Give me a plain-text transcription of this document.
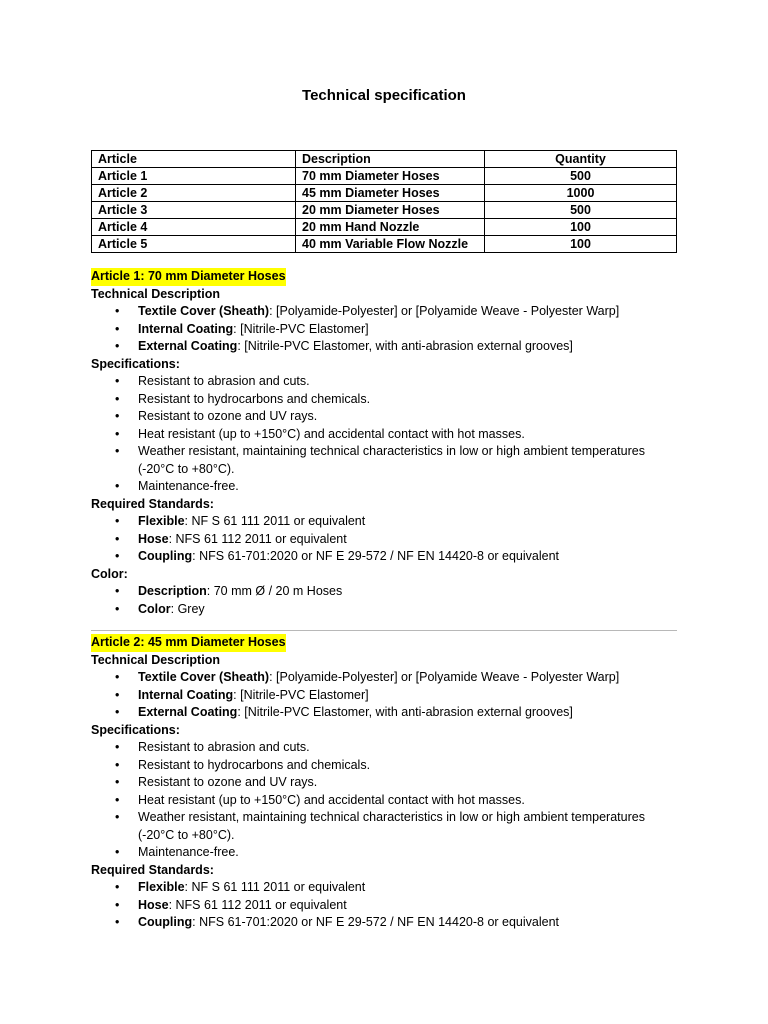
Technical specification
Article	Description	Quantity
Article 1	70 mm Diameter Hoses	500
Article 2	45 mm Diameter Hoses	1000
Article 3	20 mm Diameter Hoses	500
Article 4	20 mm Hand Nozzle	100
Article 5	40 mm Variable Flow Nozzle	100
Article 1: 70 mm Diameter Hoses
Technical Description
• Textile Cover (Sheath): [Polyamide-Polyester] or [Polyamide Weave - Polyester Warp]
• Internal Coating: [Nitrile-PVC Elastomer]
• External Coating: [Nitrile-PVC Elastomer, with anti-abrasion external grooves]
Specifications:
• Resistant to abrasion and cuts.
• Resistant to hydrocarbons and chemicals.
• Resistant to ozone and UV rays.
• Heat resistant (up to +150°C) and accidental contact with hot masses.
• Weather resistant, maintaining technical characteristics in low or high ambient temperatures (-20°C to +80°C).
• Maintenance-free.
Required Standards:
• Flexible: NF S 61 111 2011 or equivalent
• Hose: NFS 61 112 2011 or equivalent
• Coupling: NFS 61-701:2020 or NF E 29-572 / NF EN 14420-8 or equivalent
Color:
• Description: 70 mm Ø / 20 m Hoses
• Color: Grey
Article 2: 45 mm Diameter Hoses
Technical Description
• Textile Cover (Sheath): [Polyamide-Polyester] or [Polyamide Weave - Polyester Warp]
• Internal Coating: [Nitrile-PVC Elastomer]
• External Coating: [Nitrile-PVC Elastomer, with anti-abrasion external grooves]
Specifications:
• Resistant to abrasion and cuts.
• Resistant to hydrocarbons and chemicals.
• Resistant to ozone and UV rays.
• Heat resistant (up to +150°C) and accidental contact with hot masses.
• Weather resistant, maintaining technical characteristics in low or high ambient temperatures (-20°C to +80°C).
• Maintenance-free.
Required Standards:
• Flexible: NF S 61 111 2011 or equivalent
• Hose: NFS 61 112 2011 or equivalent
• Coupling: NFS 61-701:2020 or NF E 29-572 / NF EN 14420-8 or equivalent
